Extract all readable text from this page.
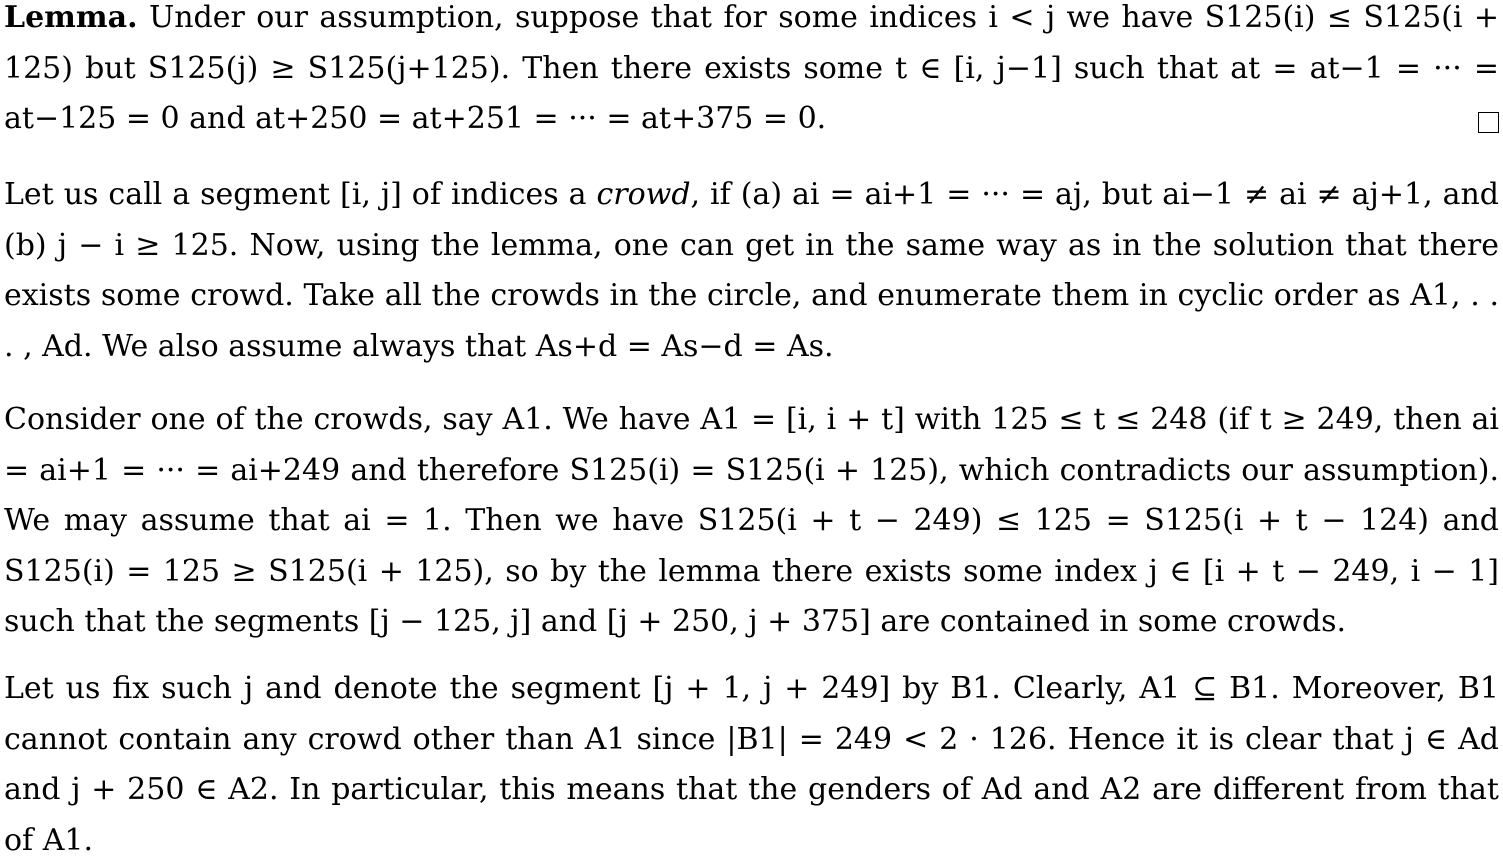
Lemma. Under our assumption, suppose that for some indices i < j we have S125(i) ≤ S125(i + 125) but S125(j) ≥ S125(j+125). Then there exists some t ∈ [i, j−1] such that at = at−1 = ··· = at−125 = 0 and at+250 = at+251 = ··· = at+375 = 0.

Let us call a segment [i, j] of indices a crowd, if (a) ai = ai+1 = ··· = aj, but ai−1 ≠ ai ≠ aj+1, and (b) j − i ≥ 125. Now, using the lemma, one can get in the same way as in the solution that there exists some crowd. Take all the crowds in the circle, and enumerate them in cyclic order as A1, . . . , Ad. We also assume always that As+d = As−d = As.

Consider one of the crowds, say A1. We have A1 = [i, i + t] with 125 ≤ t ≤ 248 (if t ≥ 249, then ai = ai+1 = ··· = ai+249 and therefore S125(i) = S125(i + 125), which contradicts our assumption). We may assume that ai = 1. Then we have S125(i + t − 249) ≤ 125 = S125(i + t − 124) and S125(i) = 125 ≥ S125(i + 125), so by the lemma there exists some index j ∈ [i + t − 249, i − 1] such that the segments [j − 125, j] and [j + 250, j + 375] are contained in some crowds.

Let us fix such j and denote the segment [j + 1, j + 249] by B1. Clearly, A1 ⊆ B1. Moreover, B1 cannot contain any crowd other than A1 since |B1| = 249 < 2 · 126. Hence it is clear that j ∈ Ad and j + 250 ∈ A2. In particular, this means that the genders of Ad and A2 are different from that of A1.
